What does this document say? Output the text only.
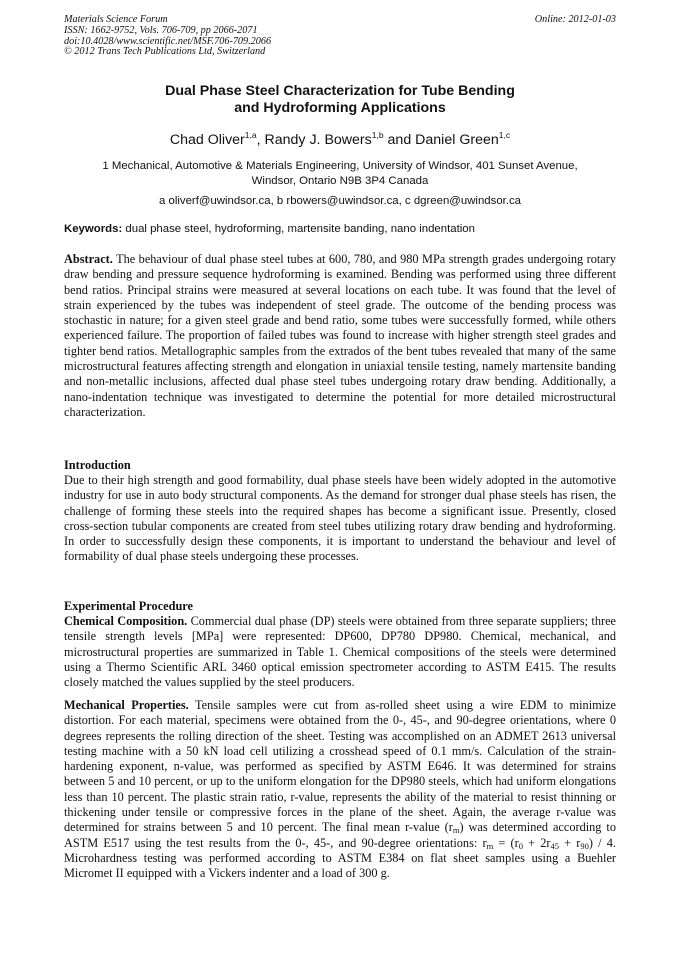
Materials Science Forum
ISSN: 1662-9752, Vols. 706-709, pp 2066-2071
doi:10.4028/www.scientific.net/MSF.706-709.2066
© 2012 Trans Tech Publications Ltd, Switzerland
Online: 2012-01-03
Dual Phase Steel Characterization for Tube Bending
and Hydroforming Applications
Chad Oliver$^{1,a}$, Randy J. Bowers$^{1,b}$ and Daniel Green$^{1,c}$
1 Mechanical, Automotive & Materials Engineering, University of Windsor, 401 Sunset Avenue,
Windsor, Ontario N9B 3P4 Canada
a oliverf@uwindsor.ca, b rbowers@uwindsor.ca, c dgreen@uwindsor.ca
Keywords: dual phase steel, hydroforming, martensite banding, nano indentation
Abstract. The behaviour of dual phase steel tubes at 600, 780, and 980 MPa strength grades undergoing rotary draw bending and pressure sequence hydroforming is examined. Bending was performed using three different bend ratios. Principal strains were measured at several locations on each tube. It was found that the level of strain experienced by the tubes was independent of steel grade. The outcome of the bending process was stochastic in nature; for a given steel grade and bend ratio, some tubes were successfully formed, while others experienced failure. The proportion of failed tubes was found to increase with higher strength steel grades and tighter bend ratios. Metallographic samples from the extrados of the bent tubes revealed that many of the same microstructural features affecting strength and elongation in uniaxial tensile testing, namely martensite banding and non-metallic inclusions, affected dual phase steel tubes undergoing rotary draw bending. Additionally, a nano-indentation technique was investigated to determine the potential for more detailed microstructural characterization.
Introduction
Due to their high strength and good formability, dual phase steels have been widely adopted in the automotive industry for use in auto body structural components. As the demand for stronger dual phase steels has risen, the challenge of forming these steels into the required shapes has become a significant issue. Presently, closed cross-section tubular components are created from steel tubes utilizing rotary draw bending and hydroforming. In order to successfully design these components, it is important to understand the behaviour and level of formability of dual phase steels undergoing these processes.
Experimental Procedure
Chemical Composition. Commercial dual phase (DP) steels were obtained from three separate suppliers; three tensile strength levels [MPa] were represented: DP600, DP780 DP980. Chemical, mechanical, and microstructural properties are summarized in Table 1. Chemical compositions of the steels were determined using a Thermo Scientific ARL 3460 optical emission spectrometer according to ASTM E415. The results closely matched the values supplied by the steel producers.
Mechanical Properties. Tensile samples were cut from as-rolled sheet using a wire EDM to minimize distortion. For each material, specimens were obtained from the 0-, 45-, and 90-degree orientations, where 0 degrees represents the rolling direction of the sheet. Testing was accomplished on an ADMET 2613 universal testing machine with a 50 kN load cell utilizing a crosshead speed of 0.1 mm/s. Calculation of the strain-hardening exponent, n-value, was performed as specified by ASTM E646. It was determined for strains between 5 and 10 percent, or up to the uniform elongation for the DP980 steels, which had uniform elongations less than 10 percent. The plastic strain ratio, r-value, represents the ability of the material to resist thinning or thickening under tensile or compressive forces in the plane of the sheet. Again, the average r-value was determined for strains between 5 and 10 percent. The final mean r-value $(r_m)$ was determined according to ASTM E517 using the test results from the 0-, 45-, and 90-degree orientations: $r_m = (r_0 + 2r_{45} + r_{90}) / 4$. Microhardness testing was performed according to ASTM E384 on flat sheet samples using a Buehler Micromet II equipped with a Vickers indenter and a load of 300 g.
